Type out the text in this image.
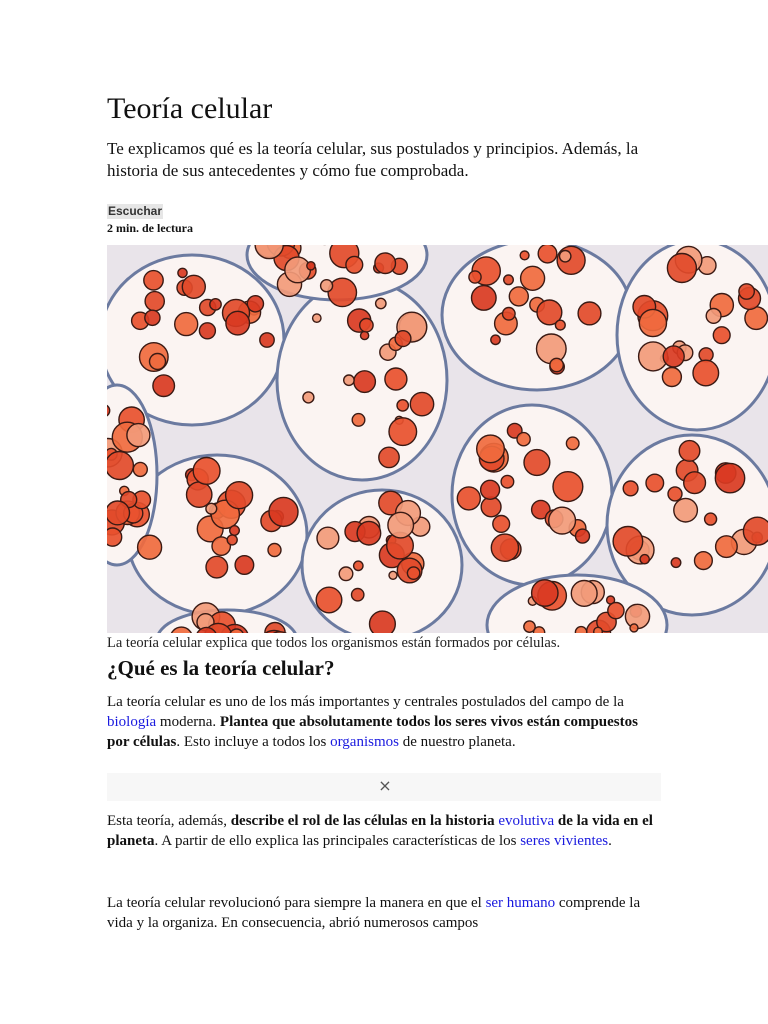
Teoría celular

Te explicamos qué es la teoría celular, sus postulados y principios. Además, la historia de sus antecedentes y cómo fue comprobada.

Escuchar
2 min. de lectura

La teoría celular explica que todos los organismos están formados por células.

¿Qué es la teoría celular?

La teoría celular es uno de los más importantes y centrales postulados del campo de la biología moderna. Plantea que absolutamente todos los seres vivos están compuestos por células. Esto incluye a todos los organismos de nuestro planeta.

×

Esta teoría, además, describe el rol de las células en la historia evolutiva de la vida en el planeta. A partir de ello explica las principales características de los seres vivientes.

La teoría celular revolucionó para siempre la manera en que el ser humano comprende la vida y la organiza. En consecuencia, abrió numerosos campos
